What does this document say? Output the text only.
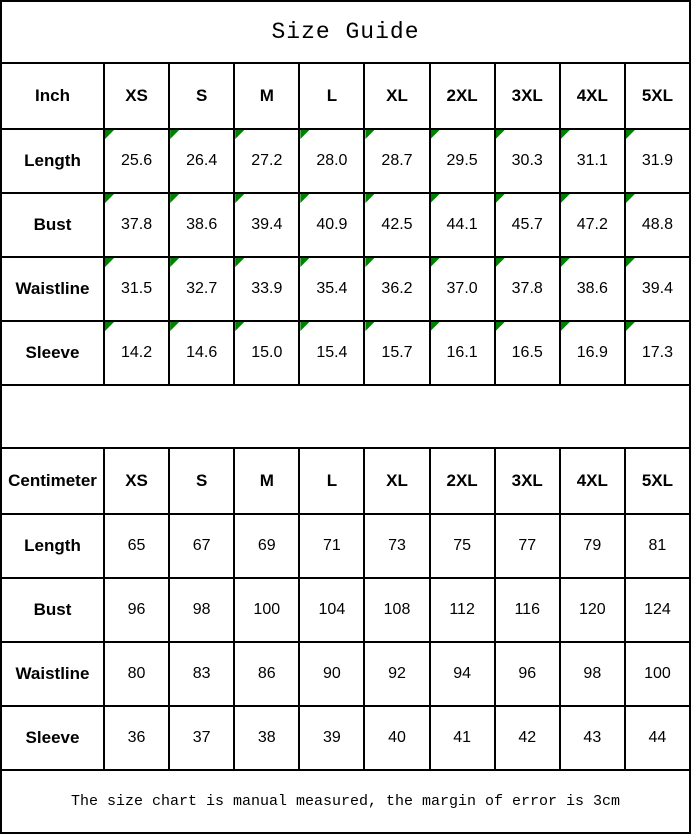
Size Guide
Inch	XS	S	M	L	XL	2XL	3XL	4XL	5XL
Length	25.6 26.4 27.2 28.0 28.7 29.5 30.3 31.1 31.9
Bust	37.8 38.6 39.4 40.9 42.5 44.1 45.7 47.2 48.8
Waistline	31.5 32.7 33.9 35.4 36.2 37.0 37.8 38.6 39.4
Sleeve	14.2 14.6 15.0 15.4 15.7 16.1 16.5 16.9 17.3
Centimeter	XS	S	M	L	XL	2XL	3XL	4XL	5XL
Length	65	67	69	71	73	75	77	79	81
Bust	96	98	100 104 108 112 116 120 124
Waistline	80	83	86	90	92	94	96	98	100
Sleeve	36	37	38	39	40	41	42	43	44
The size chart is manual measured, the margin of error is 3cm
